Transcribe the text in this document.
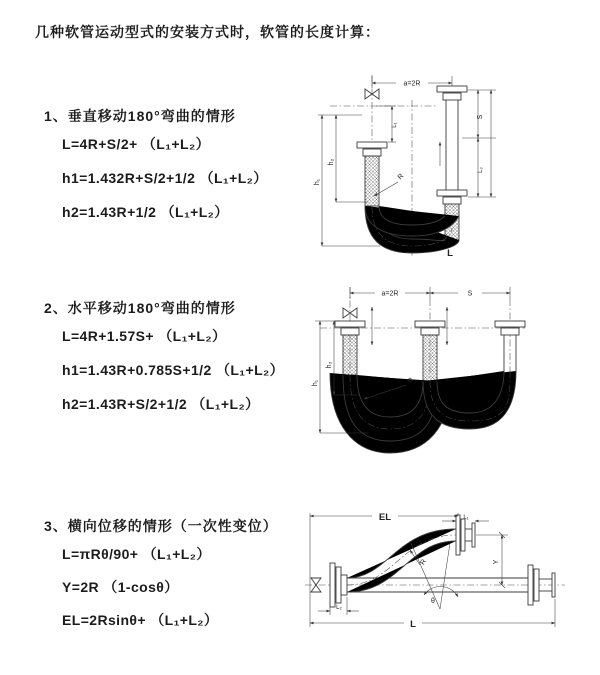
几种软管运动型式的安装方式时，软管的长度计算：
1、垂直移动180°弯曲的情形
L=4R+S/2+ （L₁+L₂）
h1=1.432R+S/2+1/2 （L₁+L₂）
h2=1.43R+1/2 （L₁+L₂）
a=2R
R
h₁
h₂
L₁
S
L₂
L
2、水平移动180°弯曲的情形
L=4R+1.57S+ （L₁+L₂）
h1=1.43R+0.785S+1/2 （L₁+L₂）
h2=1.43R+S/2+1/2 （L₁+L₂）
a=2R	S
R
h₁
h₂
3、横向位移的情形（一次性变位）
L=πRθ/90+ （L₁+L₂）
Y=2R （1-cosθ）
EL=2Rsinθ+ （L₁+L₂）
θ
R
EL	L₁
L₂
Y
L
